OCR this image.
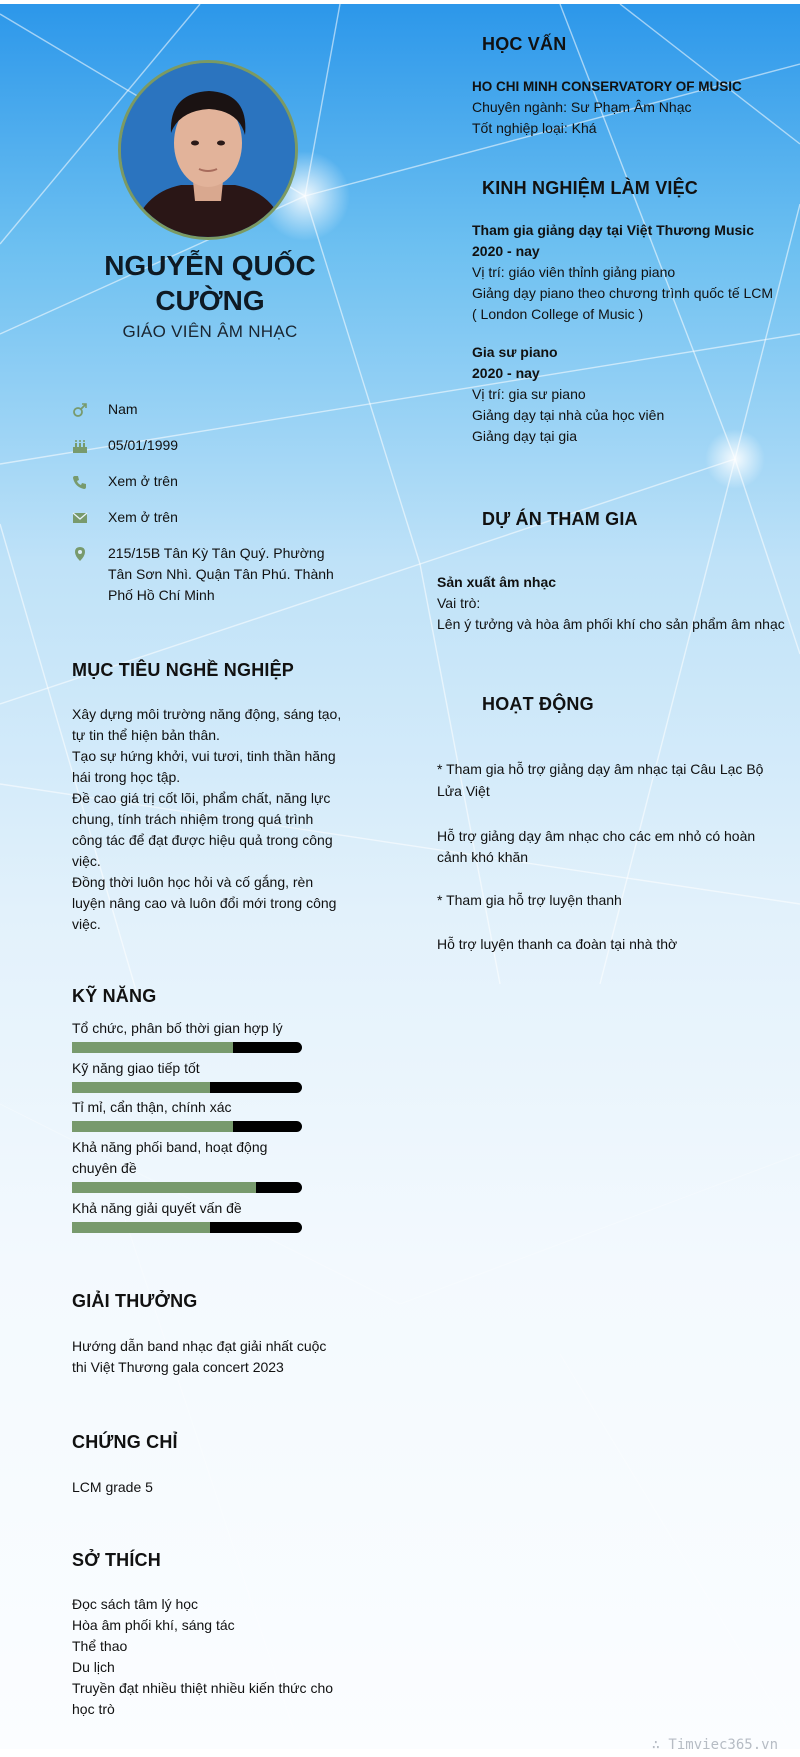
NGUYỄN QUỐC
CƯỜNG
GIÁO VIÊN ÂM NHẠC
Nam
05/01/1999
Xem ở trên
Xem ở trên
215/15B Tân Kỳ Tân Quý. Phường
Tân Sơn Nhì. Quận Tân Phú. Thành
Phố Hồ Chí Minh
MỤC TIÊU NGHỀ NGHIỆP
Xây dựng môi trường năng động, sáng tạo,
tự tin thể hiện bản thân.
Tạo sự hứng khởi, vui tươi, tinh thần hăng
hái trong học tập.
Đề cao giá trị cốt lõi, phẩm chất, năng lực
chung, tính trách nhiệm trong quá trình
công tác để đạt được hiệu quả trong công
việc.
Đồng thời luôn học hỏi và cố gắng, rèn
luyện nâng cao và luôn đổi mới trong công
việc.
KỸ NĂNG
Tổ chức, phân bố thời gian hợp lý
Kỹ năng giao tiếp tốt
Tỉ mỉ, cẩn thận, chính xác
Khả năng phối band, hoạt động
chuyên đề
Khả năng giải quyết vấn đề
GIẢI THƯỞNG
Hướng dẫn band nhạc đạt giải nhất cuộc
thi Việt Thương gala concert 2023
CHỨNG CHỈ
LCM grade 5
SỞ THÍCH
Đọc sách tâm lý học
Hòa âm phối khí, sáng tác
Thể thao
Du lịch
Truyền đạt nhiều thiệt nhiều kiến thức cho
học trò
HỌC VẤN
HO CHI MINH CONSERVATORY OF MUSIC
Chuyên ngành: Sư Phạm Âm Nhạc
Tốt nghiệp loại: Khá
KINH NGHIỆM LÀM VIỆC
Tham gia giảng dạy tại Việt Thương Music
2020 - nay
Vị trí: giáo viên thỉnh giảng piano
Giảng dạy piano theo chương trình quốc tế LCM
( London College of Music )
Gia sư piano
2020 - nay
Vị trí: gia sư piano
Giảng dạy tại nhà của học viên
Giảng dạy tại gia
DỰ ÁN THAM GIA
Sản xuất âm nhạc
Vai trò:
Lên ý tưởng và hòa âm phối khí cho sản phẩm âm nhạc
HOẠT ĐỘNG
* Tham gia hỗ trợ giảng dạy âm nhạc tại Câu Lạc Bộ
Lửa Việt
Hỗ trợ giảng dạy âm nhạc cho các em nhỏ có hoàn
cảnh khó khăn
* Tham gia hỗ trợ luyện thanh
Hỗ trợ luyện thanh ca đoàn tại nhà thờ
∴ Timviec365.vn
